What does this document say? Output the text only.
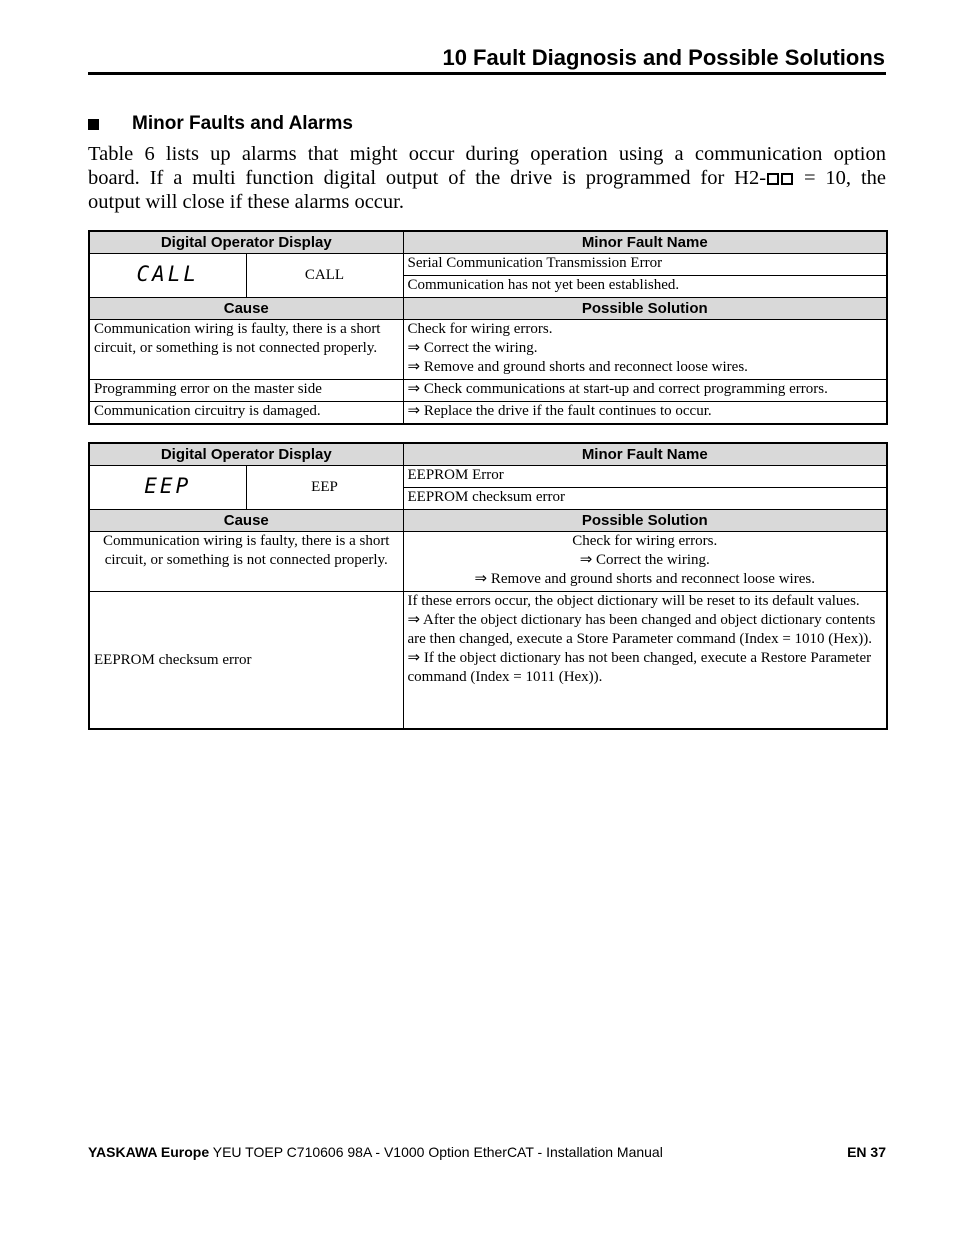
10 Fault Diagnosis and Possible Solutions
Minor Faults and Alarms

Table 6 lists up alarms that might occur during operation using a communication option
board. If a multi function digital output of the drive is programmed for H2- = 10, the
output will close if these alarms occur.

Digital Operator Display		Minor Fault Name
CALL	CALL	Serial Communication Transmission Error
		Communication has not yet been established.
Cause		Possible Solution
Communication wiring is faulty, there is a short circuit, or something is not connected properly.		Check for wiring errors.
⇒ Correct the wiring.
⇒ Remove and ground shorts and reconnect loose wires.

Programming error on the master side		⇒ Check communications at start-up and correct programming errors.
Communication circuitry is damaged.		⇒ Replace the drive if the fault continues to occur.
Digital Operator Display		Minor Fault Name
EEP	EEP	EEPROM Error
		EEPROM checksum error
Cause		Possible Solution
Communication wiring is faulty, there is a short circuit, or something is not connected properly.		Check for wiring errors.
⇒ Correct the wiring.
⇒ Remove and ground shorts and reconnect loose wires.

EEPROM checksum error		If these errors occur, the object dictionary will be reset to its default values.
⇒ After the object dictionary has been changed and object dictionary contents are then changed, execute a Store Parameter command (Index = 1010 (Hex)).
⇒ If the object dictionary has not been changed, execute a Restore Parameter command (Index = 1011 (Hex)).
YASKAWA Europe YEU TOEP C710606 98A - V1000 Option EtherCAT - Installation Manual	EN 37
